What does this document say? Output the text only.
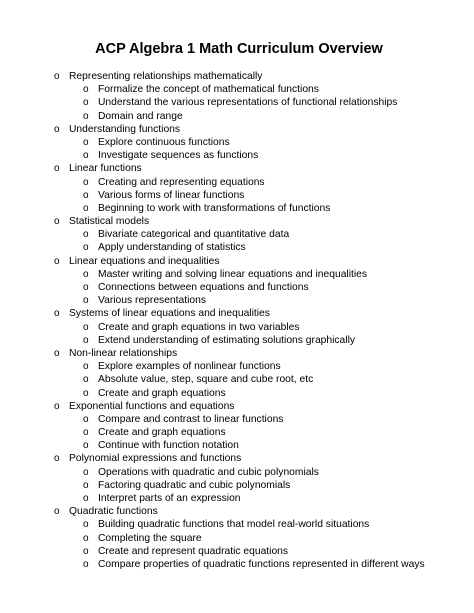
ACP Algebra 1 Math Curriculum Overview
o Representing relationships mathematically
o Formalize the concept of mathematical functions
o Understand the various representations of functional relationships
o Domain and range
o Understanding functions
o Explore continuous functions
o Investigate sequences as functions
o Linear functions
o Creating and representing equations
o Various forms of linear functions
o Beginning to work with transformations of functions
o Statistical models
o Bivariate categorical and quantitative data
o Apply understanding of statistics
o Linear equations and inequalities
o Master writing and solving linear equations and inequalities
o Connections between equations and functions
o Various representations
o Systems of linear equations and inequalities
o Create and graph equations in two variables
o Extend understanding of estimating solutions graphically
o Non-linear relationships
o Explore examples of nonlinear functions
o Absolute value, step, square and cube root, etc
o Create and graph equations
o Exponential functions and equations
o Compare and contrast to linear functions
o Create and graph equations
o Continue with function notation
o Polynomial expressions and functions
o Operations with quadratic and cubic polynomials
o Factoring quadratic and cubic polynomials
o Interpret parts of an expression
o Quadratic functions
o Building quadratic functions that model real-world situations
o Completing the square
o Create and represent quadratic equations
o Compare properties of quadratic functions represented in different ways
